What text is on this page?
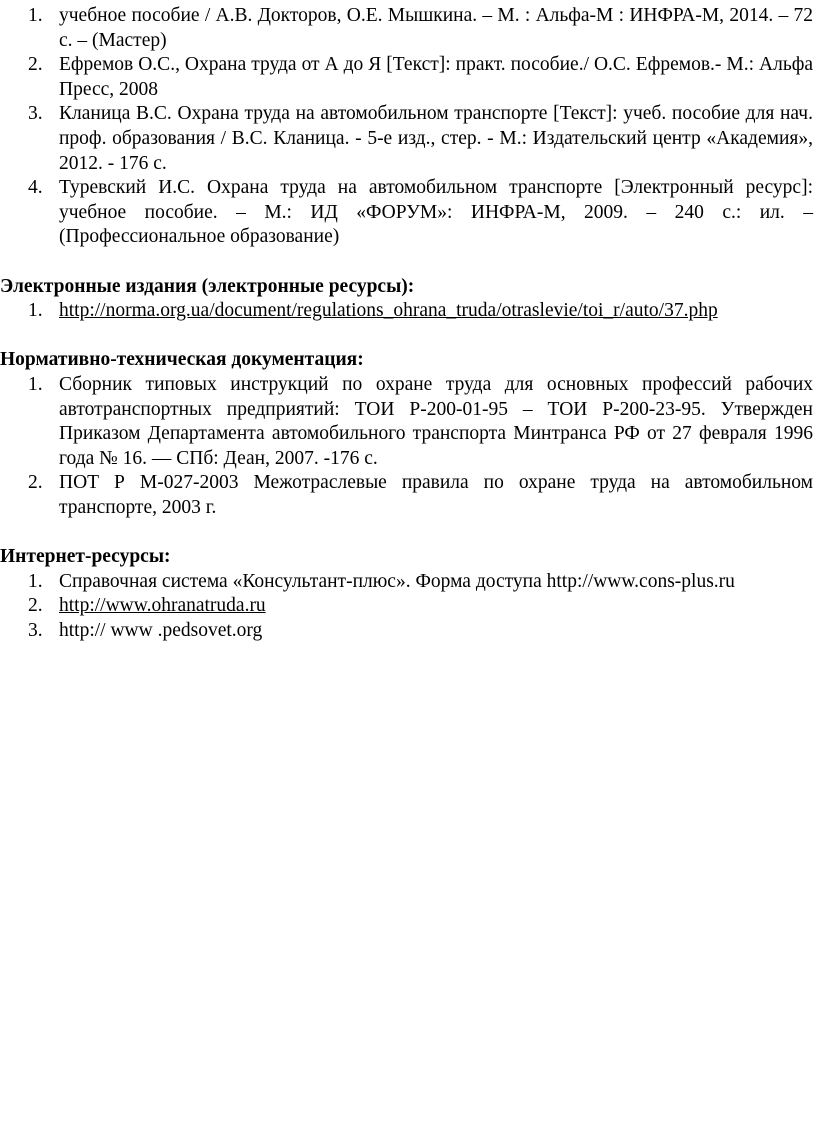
1. учебное пособие / А.В. Докторов, О.Е. Мышкина. – М. : Альфа-М : ИНФРА-М, 2014. – 72 с. – (Мастер)
2. Ефремов О.С., Охрана труда от А до Я [Текст]: практ. пособие./ О.С. Ефремов.- М.: Альфа Пресс, 2008
3. Кланица В.С. Охрана труда на автомобильном транспорте [Текст]: учеб. пособие для нач. проф. образования / В.С. Кланица. - 5-е изд., стер. - М.: Издательский центр «Академия», 2012. - 176 с.
4. Туревский И.С. Охрана труда на автомобильном транспорте [Электронный ресурс]: учебное пособие. – М.: ИД «ФОРУМ»: ИНФРА-М, 2009. – 240 с.: ил. – (Профессиональное образование)

Электронные издания (электронные ресурсы):

1. http://norma.org.ua/document/regulations_ohrana_truda/otraslevie/toi_r/auto/37.php

Нормативно-техническая документация:

1. Сборник типовых инструкций по охране труда для основных профессий рабочих автотранспортных предприятий: ТОИ Р-200-01-95 – ТОИ Р-200-23-95. Утвержден Приказом Департамента автомобильного транспорта Минтранса РФ от 27 февраля 1996 года № 16. — СПб: Деан, 2007. -176 с.
2. ПОТ Р М-027-2003 Межотраслевые правила по охране труда на автомобильном транспорте, 2003 г.

Интернет-ресурсы:

1. Справочная система «Консультант-плюс». Форма доступа http://www.cons-plus.ru
2. http://www.ohranatruda.ru
3. http:// www .pedsovet.org
